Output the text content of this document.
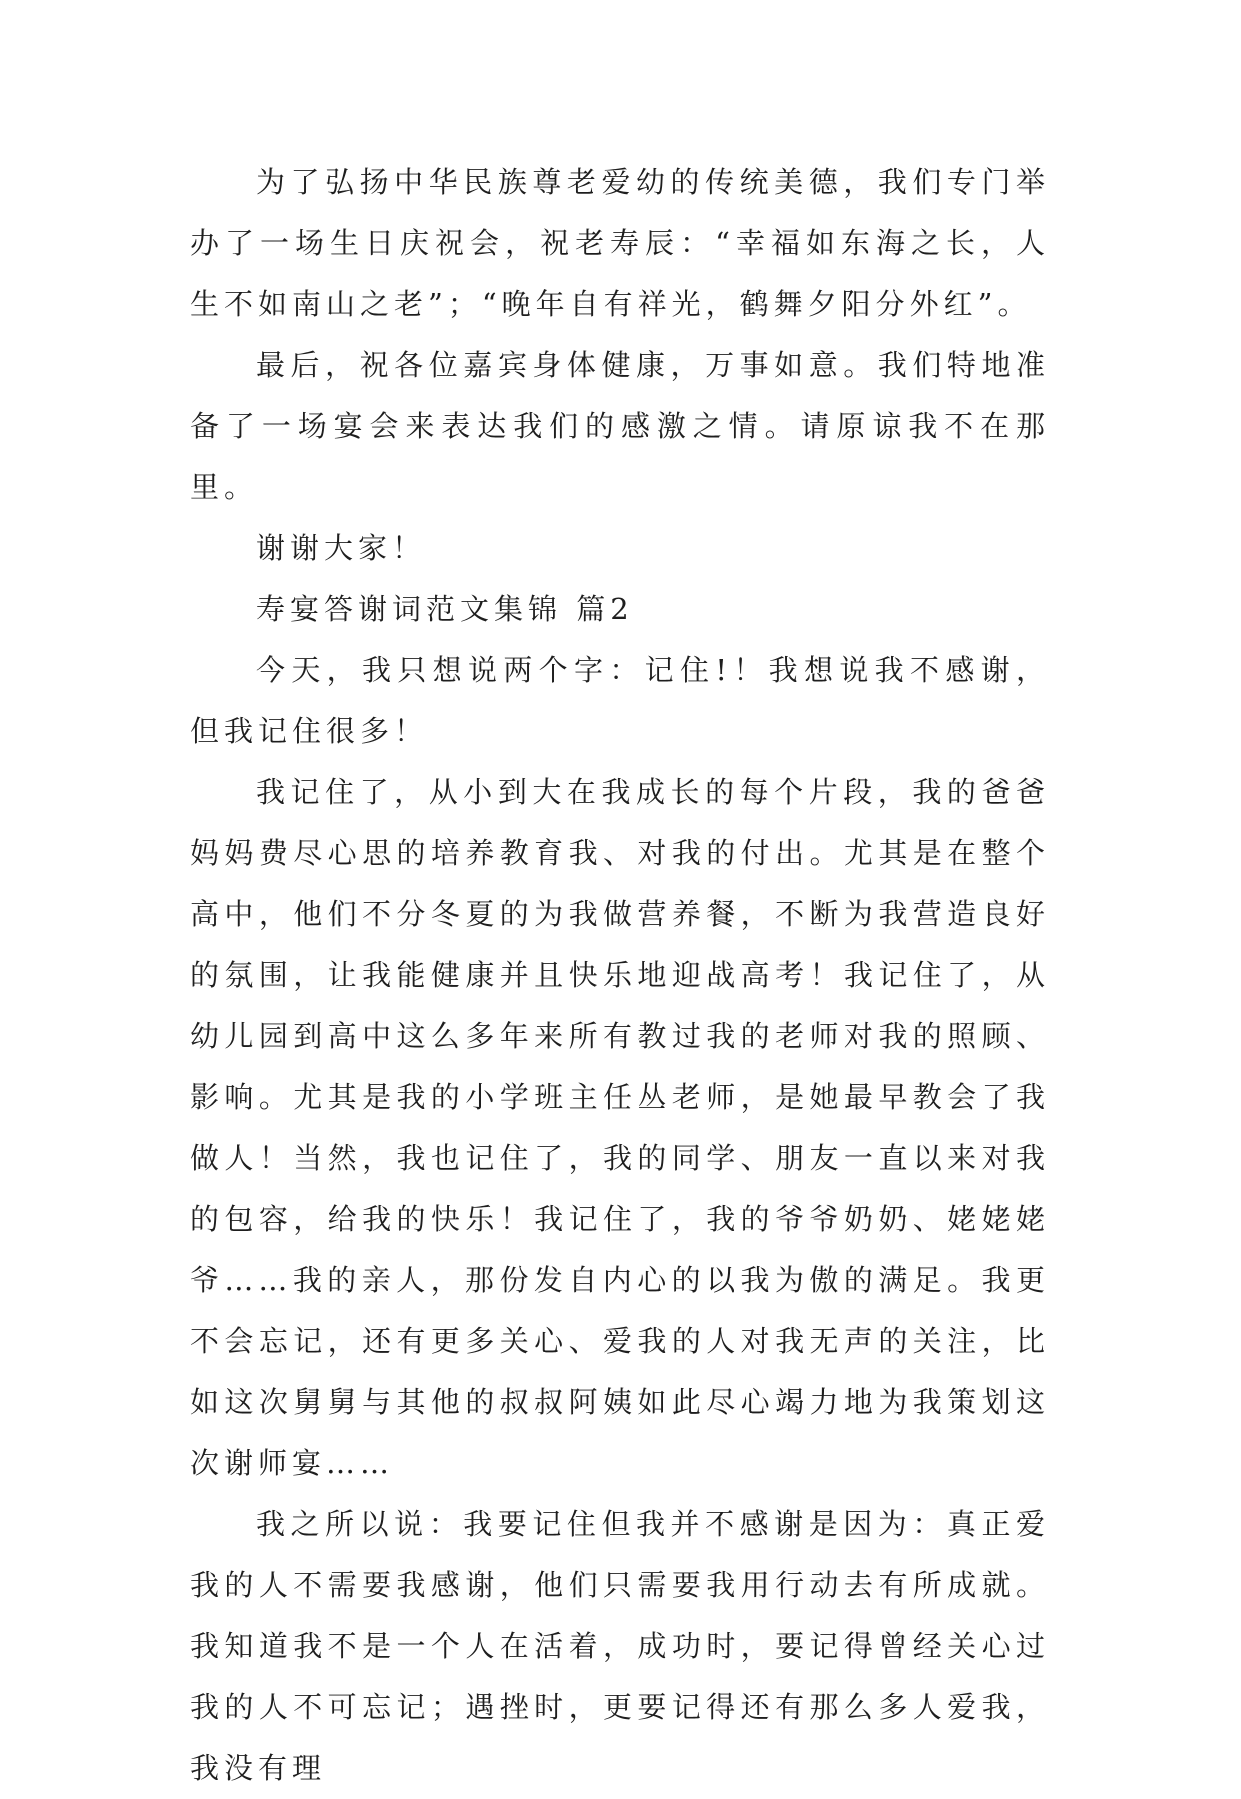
为了弘扬中华民族尊老爱幼的传统美德，我们专门举办了一场生日庆祝会，祝老寿辰：“幸福如东海之长，人生不如南山之老”；“晚年自有祥光，鹤舞夕阳分外红”。

最后，祝各位嘉宾身体健康，万事如意。我们特地准备了一场宴会来表达我们的感激之情。请原谅我不在那里。

谢谢大家！

寿宴答谢词范文集锦 篇2

今天，我只想说两个字：记住!！我想说我不感谢，但我记住很多！

我记住了，从小到大在我成长的每个片段，我的爸爸妈妈费尽心思的培养教育我、对我的付出。尤其是在整个高中，他们不分冬夏的为我做营养餐，不断为我营造良好的氛围，让我能健康并且快乐地迎战高考！我记住了，从幼儿园到高中这么多年来所有教过我的老师对我的照顾、影响。尤其是我的小学班主任丛老师，是她最早教会了我做人！当然，我也记住了，我的同学、朋友一直以来对我的包容，给我的快乐！我记住了，我的爷爷奶奶、姥姥姥爷……我的亲人，那份发自内心的以我为傲的满足。我更不会忘记，还有更多关心、爱我的人对我无声的关注，比如这次舅舅与其他的叔叔阿姨如此尽心竭力地为我策划这次谢师宴……

我之所以说：我要记住但我并不感谢是因为：真正爱我的人不需要我感谢，他们只需要我用行动去有所成就。我知道我不是一个人在活着，成功时，要记得曾经关心过我的人不可忘记；遇挫时，更要记得还有那么多人爱我，我没有理
